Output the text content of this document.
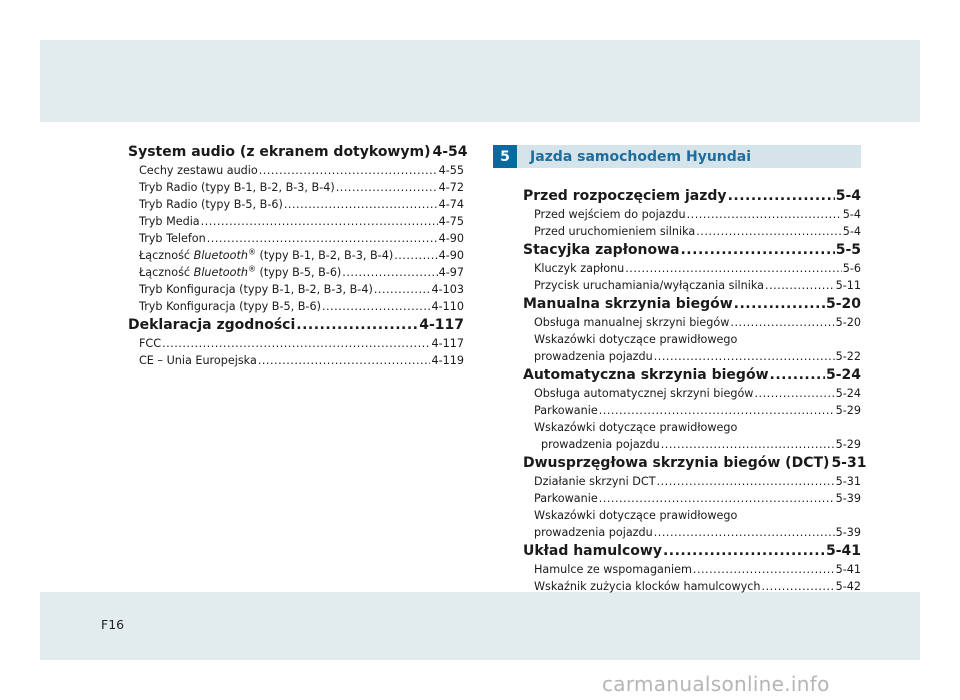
System audio (z ekranem dotykowym) 4-54
Cechy zestawu audio .....	4-55
Tryb Radio (typy B-1, B-2, B-3, B-4) .....	4-72
Tryb Radio (typy B-5, B-6) .....	4-74
Tryb Media .....	4-75
Tryb Telefon .....	4-90
Łączność Bluetooth® (typy B-1, B-2, B-3, B-4) .....	4-90
Łączność Bluetooth® (typy B-5, B-6) .....	4-97
Tryb Konfiguracja (typy B-1, B-2, B-3, B-4) .....	4-103
Tryb Konfiguracja (typy B-5, B-6) .....	4-110
Deklaracja zgodności .....	4-117
FCC .....	4-117
CE – Unia Europejska .....	4-119
5	Jazda samochodem Hyundai
Przed rozpoczęciem jazdy .....	5-4
Przed wejściem do pojazdu .....	5-4
Przed uruchomieniem silnika .....	5-4
Stacyjka zapłonowa .....	5-5
Kluczyk zapłonu .....	5-6
Przycisk uruchamiania/wyłączania silnika .....	5-11
Manualna skrzynia biegów .....	5-20
Obsługa manualnej skrzyni biegów .....	5-20
Wskazówki dotyczące prawidłowego
prowadzenia pojazdu .....	5-22
Automatyczna skrzynia biegów .....	5-24
Obsługa automatycznej skrzyni biegów .....	5-24
Parkowanie .....	5-29
Wskazówki dotyczące prawidłowego
prowadzenia pojazdu .....	5-29
Dwusprzęgłowa skrzynia biegów (DCT) 5-31
Działanie skrzyni DCT .....	5-31
Parkowanie .....	5-39
Wskazówki dotyczące prawidłowego
prowadzenia pojazdu .....	5-39
Układ hamulcowy .....	5-41
Hamulce ze wspomaganiem .....	5-41
Wskaźnik zużycia klocków hamulcowych .....	5-42
F16
carmanualsonline.info
